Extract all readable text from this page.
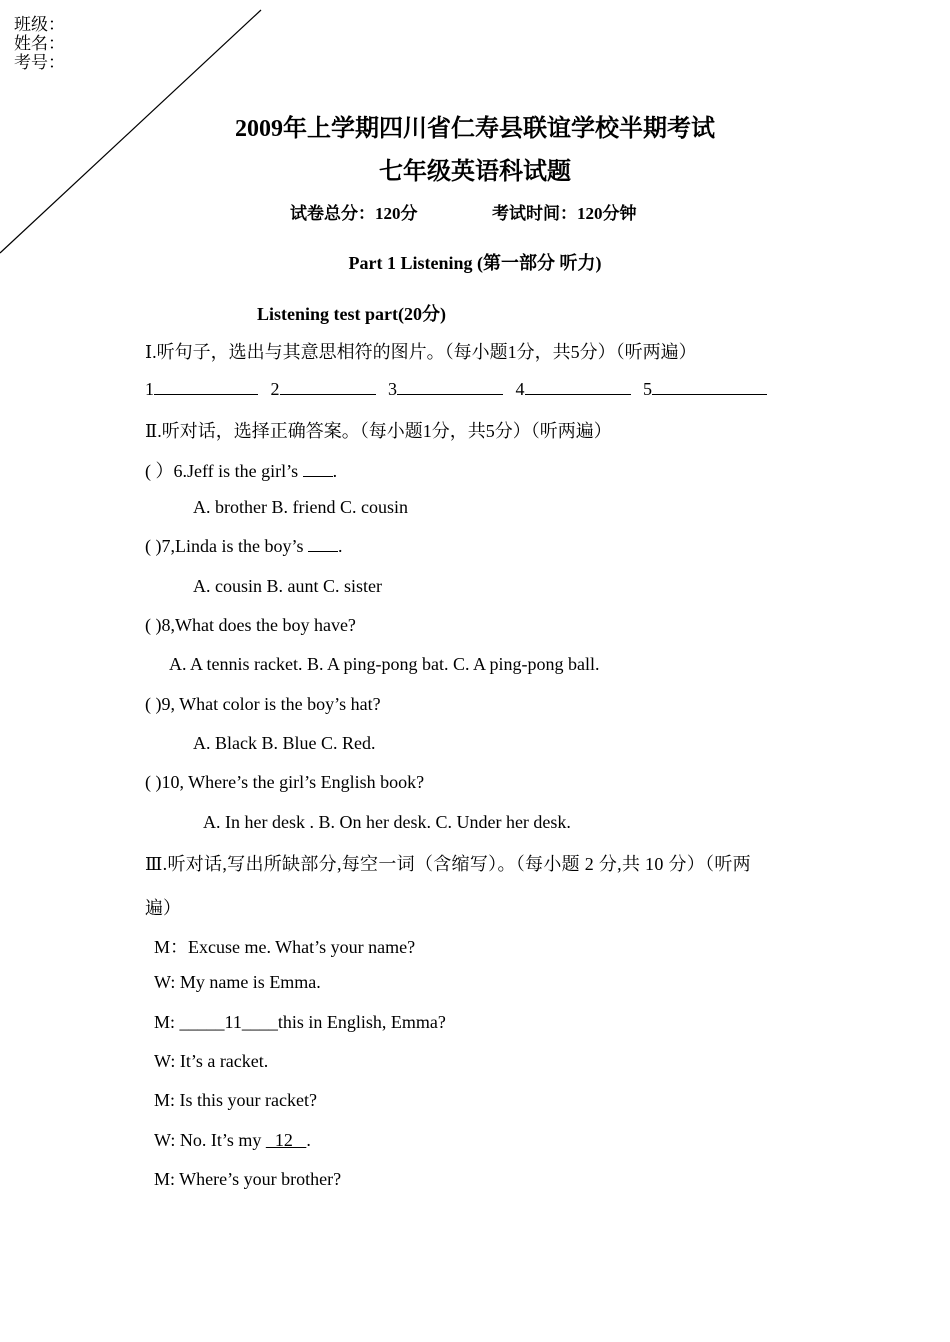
班级：
姓名：
考号：
2009年上学期四川省仁寿县联谊学校半期考试
七年级英语科试题
试卷总分：120分	考试时间：120分钟
Part 1 Listening (第一部分 听力)
Listening test part(20分)
Ⅰ.听句子，选出与其意思相符的图片。（每小题1分，共5分）（听两遍）
1	2	3	4	5
Ⅱ.听对话，选择正确答案。（每小题1分，共5分）（听两遍）
( ）6.Jeff is the girl’s .
A. brother B. friend C. cousin
( )7,Linda is the boy’s .
A. cousin B. aunt C. sister
( )8,What does the boy have?
A. A tennis racket. B. A ping-pong bat. C. A ping-pong ball.
( )9, What color is the boy’s hat?
A. Black B. Blue C. Red.
( )10, Where’s the girl’s English book?
A. In her desk . B. On her desk. C. Under her desk.
Ⅲ.听对话,写出所缺部分,每空一词（含缩写）。（每小题 2 分,共 10 分）（听两
遍）
M：Excuse me. What’s your name?
W: My name is Emma.
M: _____11____this in English, Emma?
W: It’s a racket.
M: Is this your racket?
W: No. It’s my   12   .
M: Where’s your brother?
